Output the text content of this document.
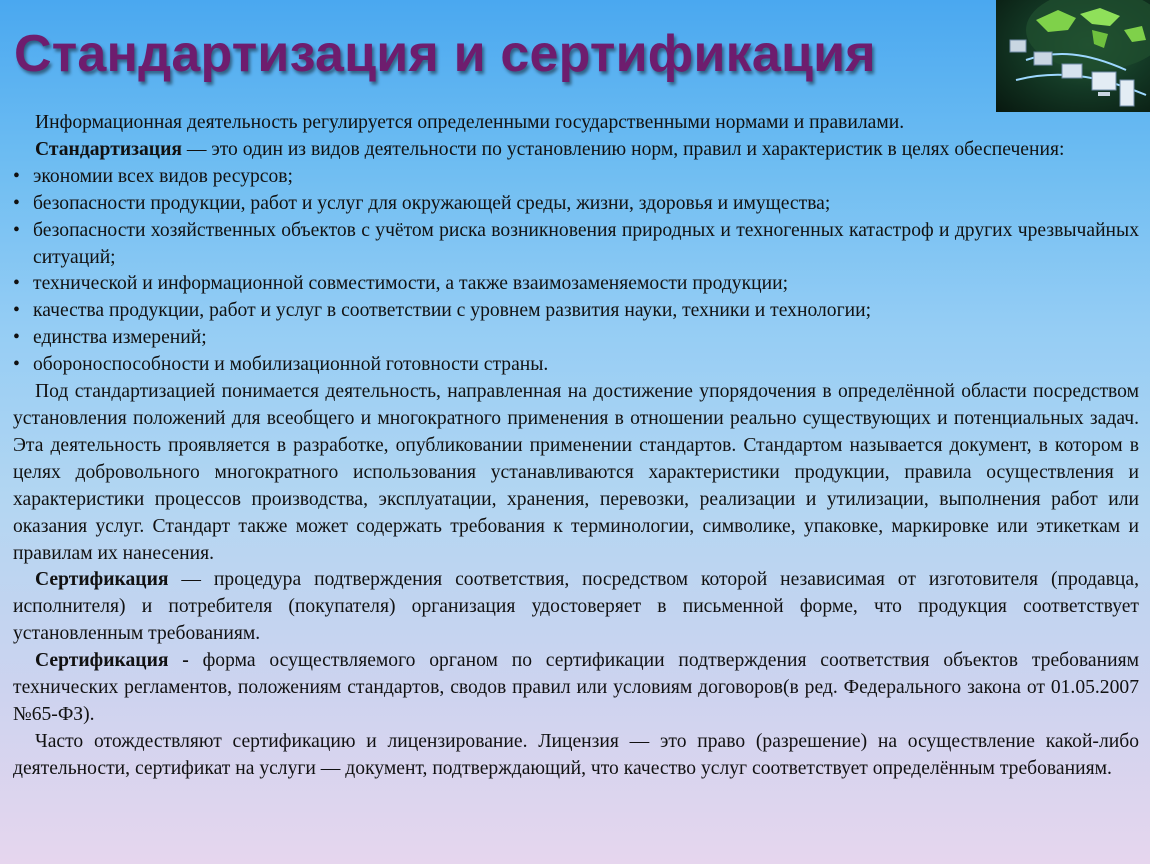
Стандартизация и сертификация

Информационная деятельность регулируется определенными государственными нормами и правилами.

Стандартизация — это один из видов деятельности по установлению норм, правил и характеристик в целях обеспечения:

• экономии всех видов ресурсов;
• безопасности продукции, работ и услуг для окружающей среды, жизни, здоровья и имущества;
• безопасности хозяйственных объектов с учётом риска возникновения природных и техногенных катастроф и других чрезвычайных ситуаций;
• технической и информационной совместимости, а также взаимозаменяемости продукции;
• качества продукции, работ и услуг в соответствии с уровнем развития науки, техники и технологии;
• единства измерений;
• обороноспособности и мобилизационной готовности страны.

Под стандартизацией понимается деятельность, направленная на достижение упорядочения в определённой области посредством установления положений для всеобщего и многократного применения в отношении реально существующих и потенциальных задач. Эта деятельность проявляется в разработке, опубликовании применении стандартов. Стандартом называется документ, в котором в целях добровольного многократного использования устанавливаются характеристики продукции, правила осуществления и характеристики процессов производства, эксплуатации, хранения, перевозки, реализации и утилизации, выполнения работ или оказания услуг. Стандарт также может содержать требования к терминологии, символике, упаковке, маркировке или этикеткам и правилам их нанесения.

Сертификация — процедура подтверждения соответствия, посредством которой независимая от изготовителя (продавца, исполнителя) и потребителя (покупателя) организация удостоверяет в письменной форме, что продукция соответствует установленным требованиям.

Сертификация - форма осуществляемого органом по сертификации подтверждения соответствия объектов требованиям технических регламентов, положениям стандартов, сводов правил или условиям договоров(в ред. Федерального закона от 01.05.2007 №65-ФЗ).

Часто отождествляют сертификацию и лицензирование. Лицензия — это право (разрешение) на осуществление какой-либо деятельности, сертификат на услуги — документ, подтверждающий, что качество услуг соответствует определённым требованиям.
